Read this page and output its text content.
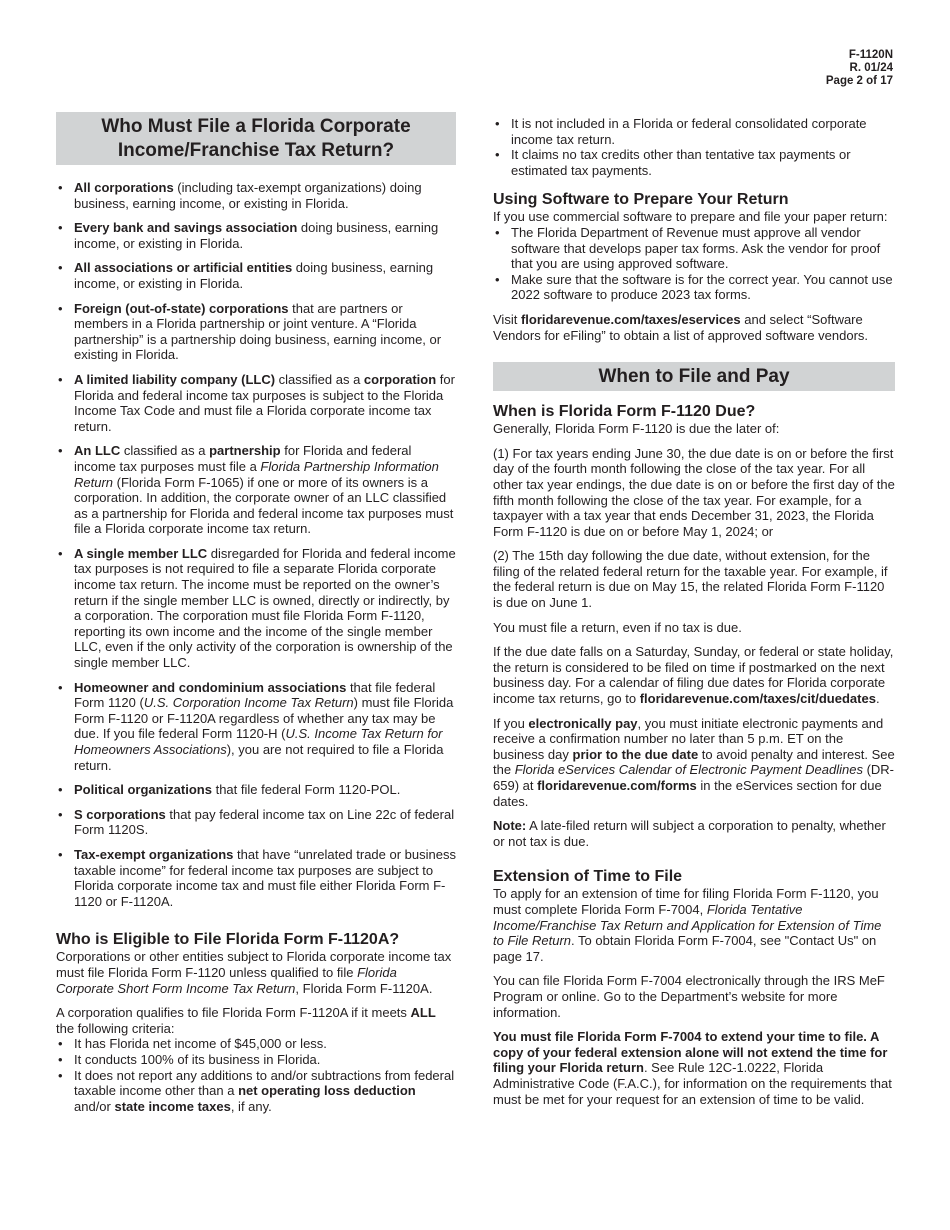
F-1120N
R. 01/24
Page 2 of 17
Who Must File a Florida Corporate
Income/Franchise Tax Return?
• All corporations (including tax-exempt organizations) doing business, earning income, or existing in Florida.
• Every bank and savings association doing business, earning income, or existing in Florida.
• All associations or artificial entities doing business, earning income, or existing in Florida.
• Foreign (out-of-state) corporations that are partners or members in a Florida partnership or joint venture. A “Florida partnership” is a partnership doing business, earning income, or existing in Florida.
• A limited liability company (LLC) classified as a corporation for Florida and federal income tax purposes is subject to the Florida Income Tax Code and must file a Florida corporate income tax return.
• An LLC classified as a partnership for Florida and federal income tax purposes must file a Florida Partnership Information Return (Florida Form F-1065) if one or more of its owners is a corporation. In addition, the corporate owner of an LLC classified as a partnership for Florida and federal income tax purposes must file a Florida corporate income tax return.
• A single member LLC disregarded for Florida and federal income tax purposes is not required to file a separate Florida corporate income tax return. The income must be reported on the owner’s return if the single member LLC is owned, directly or indirectly, by a corporation. The corporation must file Florida Form F-1120, reporting its own income and the income of the single member LLC, even if the only activity of the corporation is ownership of the single member LLC.
• Homeowner and condominium associations that file federal Form 1120 (U.S. Corporation Income Tax Return) must file Florida Form F-1120 or F-1120A regardless of whether any tax may be due. If you file federal Form 1120-H (U.S. Income Tax Return for Homeowners Associations), you are not required to file a Florida return.
• Political organizations that file federal Form 1120-POL.
• S corporations that pay federal income tax on Line 22c of federal Form 1120S.
• Tax-exempt organizations that have “unrelated trade or business taxable income” for federal income tax purposes are subject to Florida corporate income tax and must file either Florida Form F-1120 or F-1120A.
Who is Eligible to File Florida Form F-1120A?

Corporations or other entities subject to Florida corporate income tax must file Florida Form F-1120 unless qualified to file Florida Corporate Short Form Income Tax Return, Florida Form F-1120A.

A corporation qualifies to file Florida Form F-1120A if it meets ALL the following criteria:

• It has Florida net income of $45,000 or less.
• It conducts 100% of its business in Florida.
• It does not report any additions to and/or subtractions from federal taxable income other than a net operating loss deduction and/or state income taxes, if any.
• It is not included in a Florida or federal consolidated corporate income tax return.
• It claims no tax credits other than tentative tax payments or estimated tax payments.
Using Software to Prepare Your Return

If you use commercial software to prepare and file your paper return:

• The Florida Department of Revenue must approve all vendor software that develops paper tax forms. Ask the vendor for proof that you are using approved software.
• Make sure that the software is for the correct year. You cannot use 2022 software to produce 2023 tax forms.

Visit floridarevenue.com/taxes/eservices and select “Software Vendors for eFiling” to obtain a list of approved software vendors.

When to File and Pay
When is Florida Form F-1120 Due?

Generally, Florida Form F-1120 is due the later of:

(1) For tax years ending June 30, the due date is on or before the first day of the fourth month following the close of the tax year. For all other tax year endings, the due date is on or before the first day of the fifth month following the close of the tax year. For example, for a taxpayer with a tax year that ends December 31, 2023, the Florida Form F-1120 is due on or before May 1, 2024; or

(2) The 15th day following the due date, without extension, for the filing of the related federal return for the taxable year. For example, if the federal return is due on May 15, the related Florida Form F-1120 is due on June 1.

You must file a return, even if no tax is due.

If the due date falls on a Saturday, Sunday, or federal or state holiday, the return is considered to be filed on time if postmarked on the next business day. For a calendar of filing due dates for Florida corporate income tax returns, go to floridarevenue.com/taxes/cit/duedates.

If you electronically pay, you must initiate electronic payments and receive a confirmation number no later than 5 p.m. ET on the business day prior to the due date to avoid penalty and interest. See the Florida eServices Calendar of Electronic Payment Deadlines (DR-659) at floridarevenue.com/forms in the eServices section for due dates.

Note: A late-filed return will subject a corporation to penalty, whether or not tax is due.

Extension of Time to File

To apply for an extension of time for filing Florida Form F-1120, you must complete Florida Form F-7004, Florida Tentative Income/Franchise Tax Return and Application for Extension of Time to File Return. To obtain Florida Form F-7004, see "Contact Us" on page 17.

You can file Florida Form F-7004 electronically through the IRS MeF Program or online. Go to the Department’s website for more information.

You must file Florida Form F-7004 to extend your time to file. A copy of your federal extension alone will not extend the time for filing your Florida return. See Rule 12C-1.0222, Florida Administrative Code (F.A.C.), for information on the requirements that must be met for your request for an extension of time to be valid.
